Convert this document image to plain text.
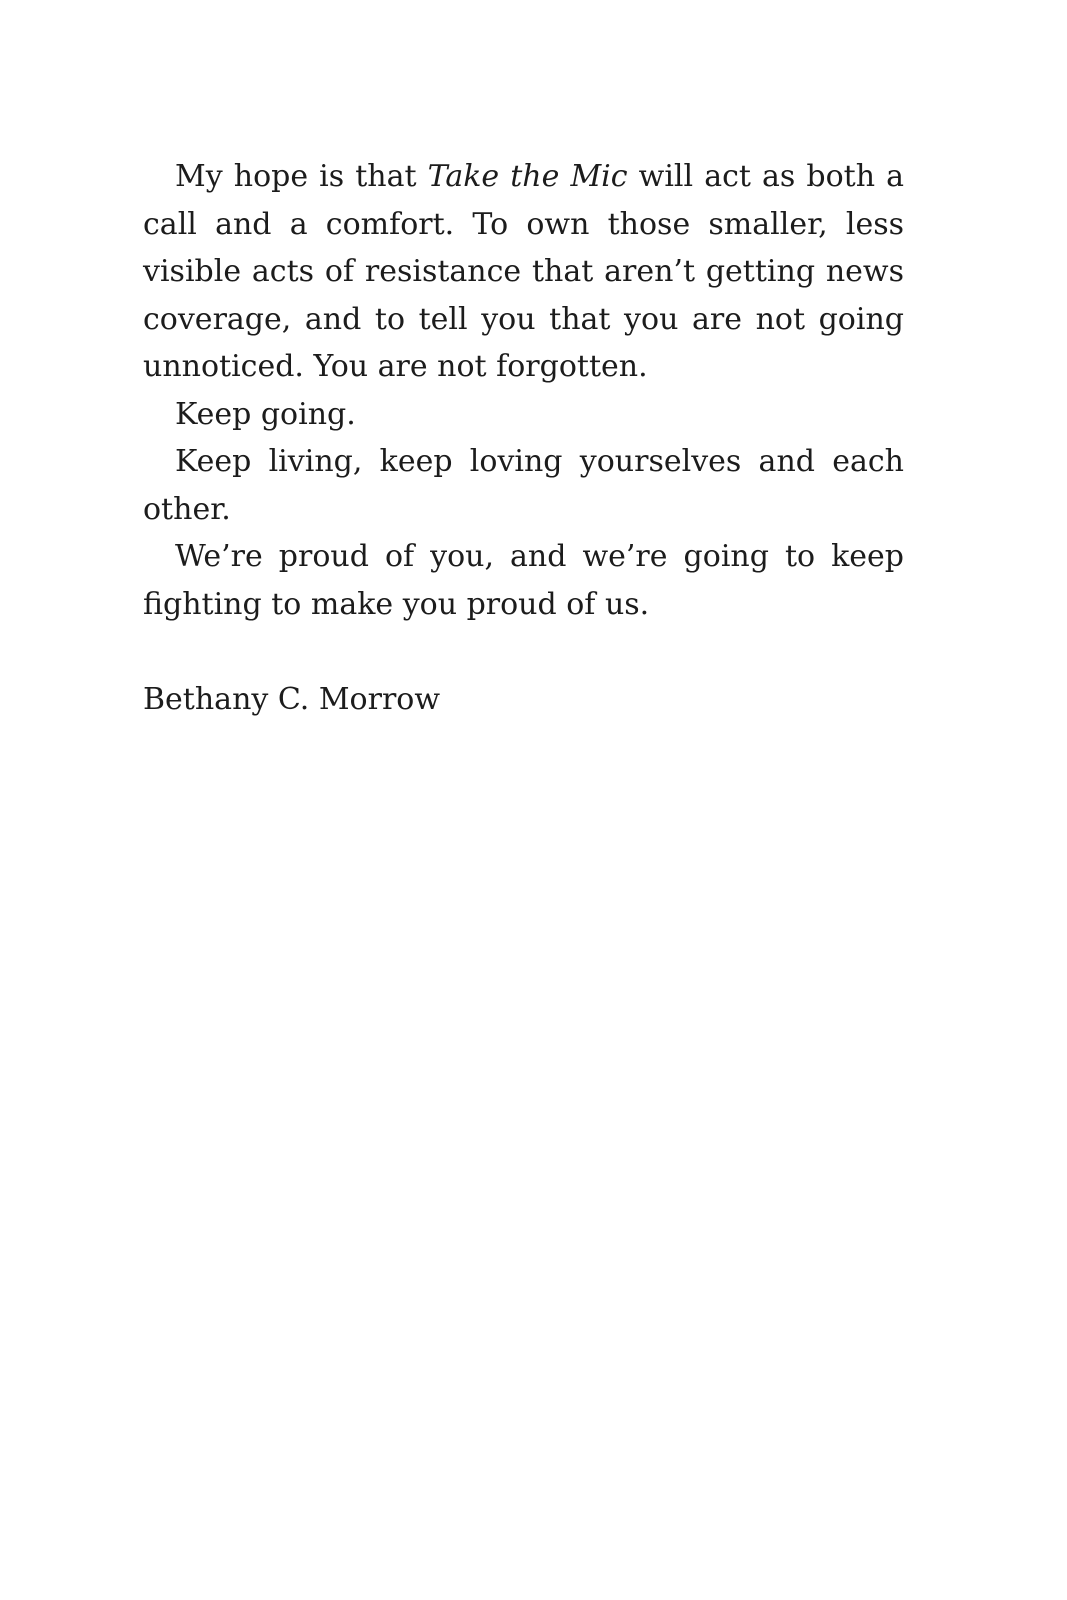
My hope is that Take the Mic will act as both a call and a comfort. To own those smaller, less visible acts of resistance that aren’t getting news coverage, and to tell you that you are not going unnoticed. You are not forgotten.

Keep going.

Keep living, keep loving yourselves and each other.

We’re proud of you, and we’re going to keep fighting to make you proud of us.

Bethany C. Morrow
